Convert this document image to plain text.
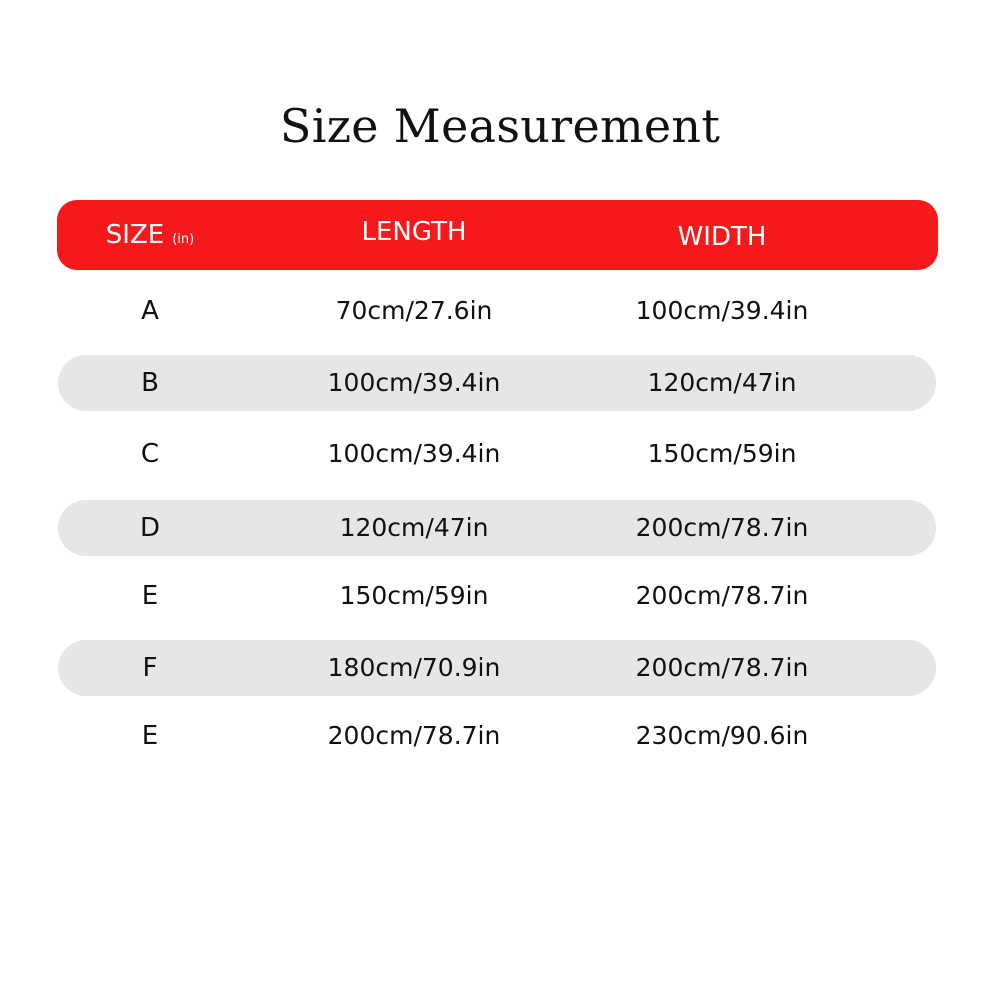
Size Measurement
SIZE (in)	LENGTH	WIDTH
A	70cm/27.6in	100cm/39.4in
B	100cm/39.4in	120cm/47in
C	100cm/39.4in	150cm/59in
D	120cm/47in	200cm/78.7in
E	150cm/59in	200cm/78.7in
F	180cm/70.9in	200cm/78.7in
E	200cm/78.7in	230cm/90.6in
